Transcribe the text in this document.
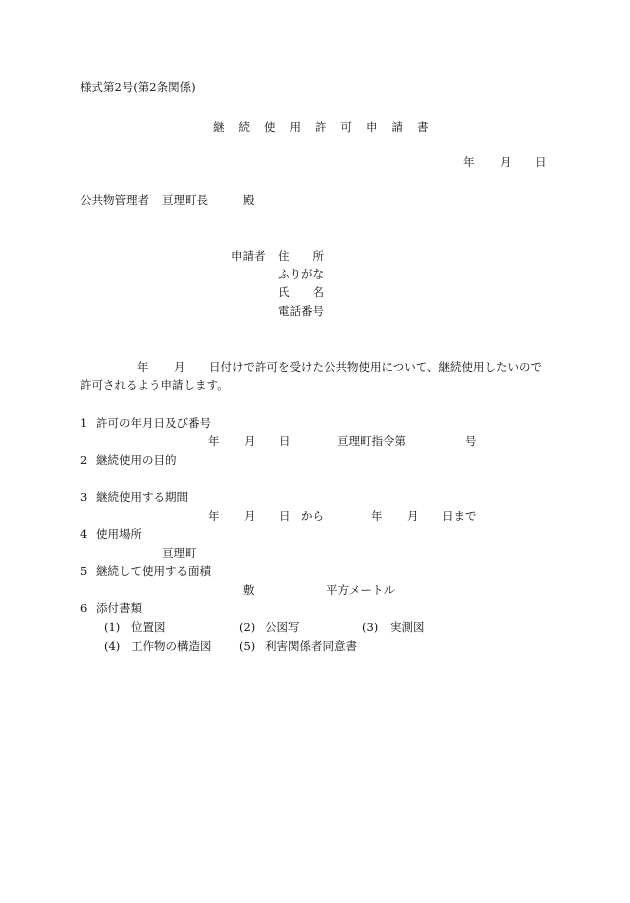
様式第2号(第2条関係)
継 続 使 用 許 可 申 請 書
年 月 日
公共物管理者 亘理町長	殿
申請者 住　　所
ふりがな
氏　　名
電話番号
年 月 日付けで許可を受けた公共物使用について、継続使用したいので
許可されるよう申請します。
1 許可の年月日及び番号
年 月 日	亘理町指令第	号
2 継続使用の目的
3 継続使用する期間
年 月 日 から	年 月 日まで
4 使用場所
亘理町
5 継続して使用する面積
敷	平方メートル
6 添付書類
(1) 位置図	(2) 公図写	(3) 実測図
(4) 工作物の構造図 (5) 利害関係者同意書
